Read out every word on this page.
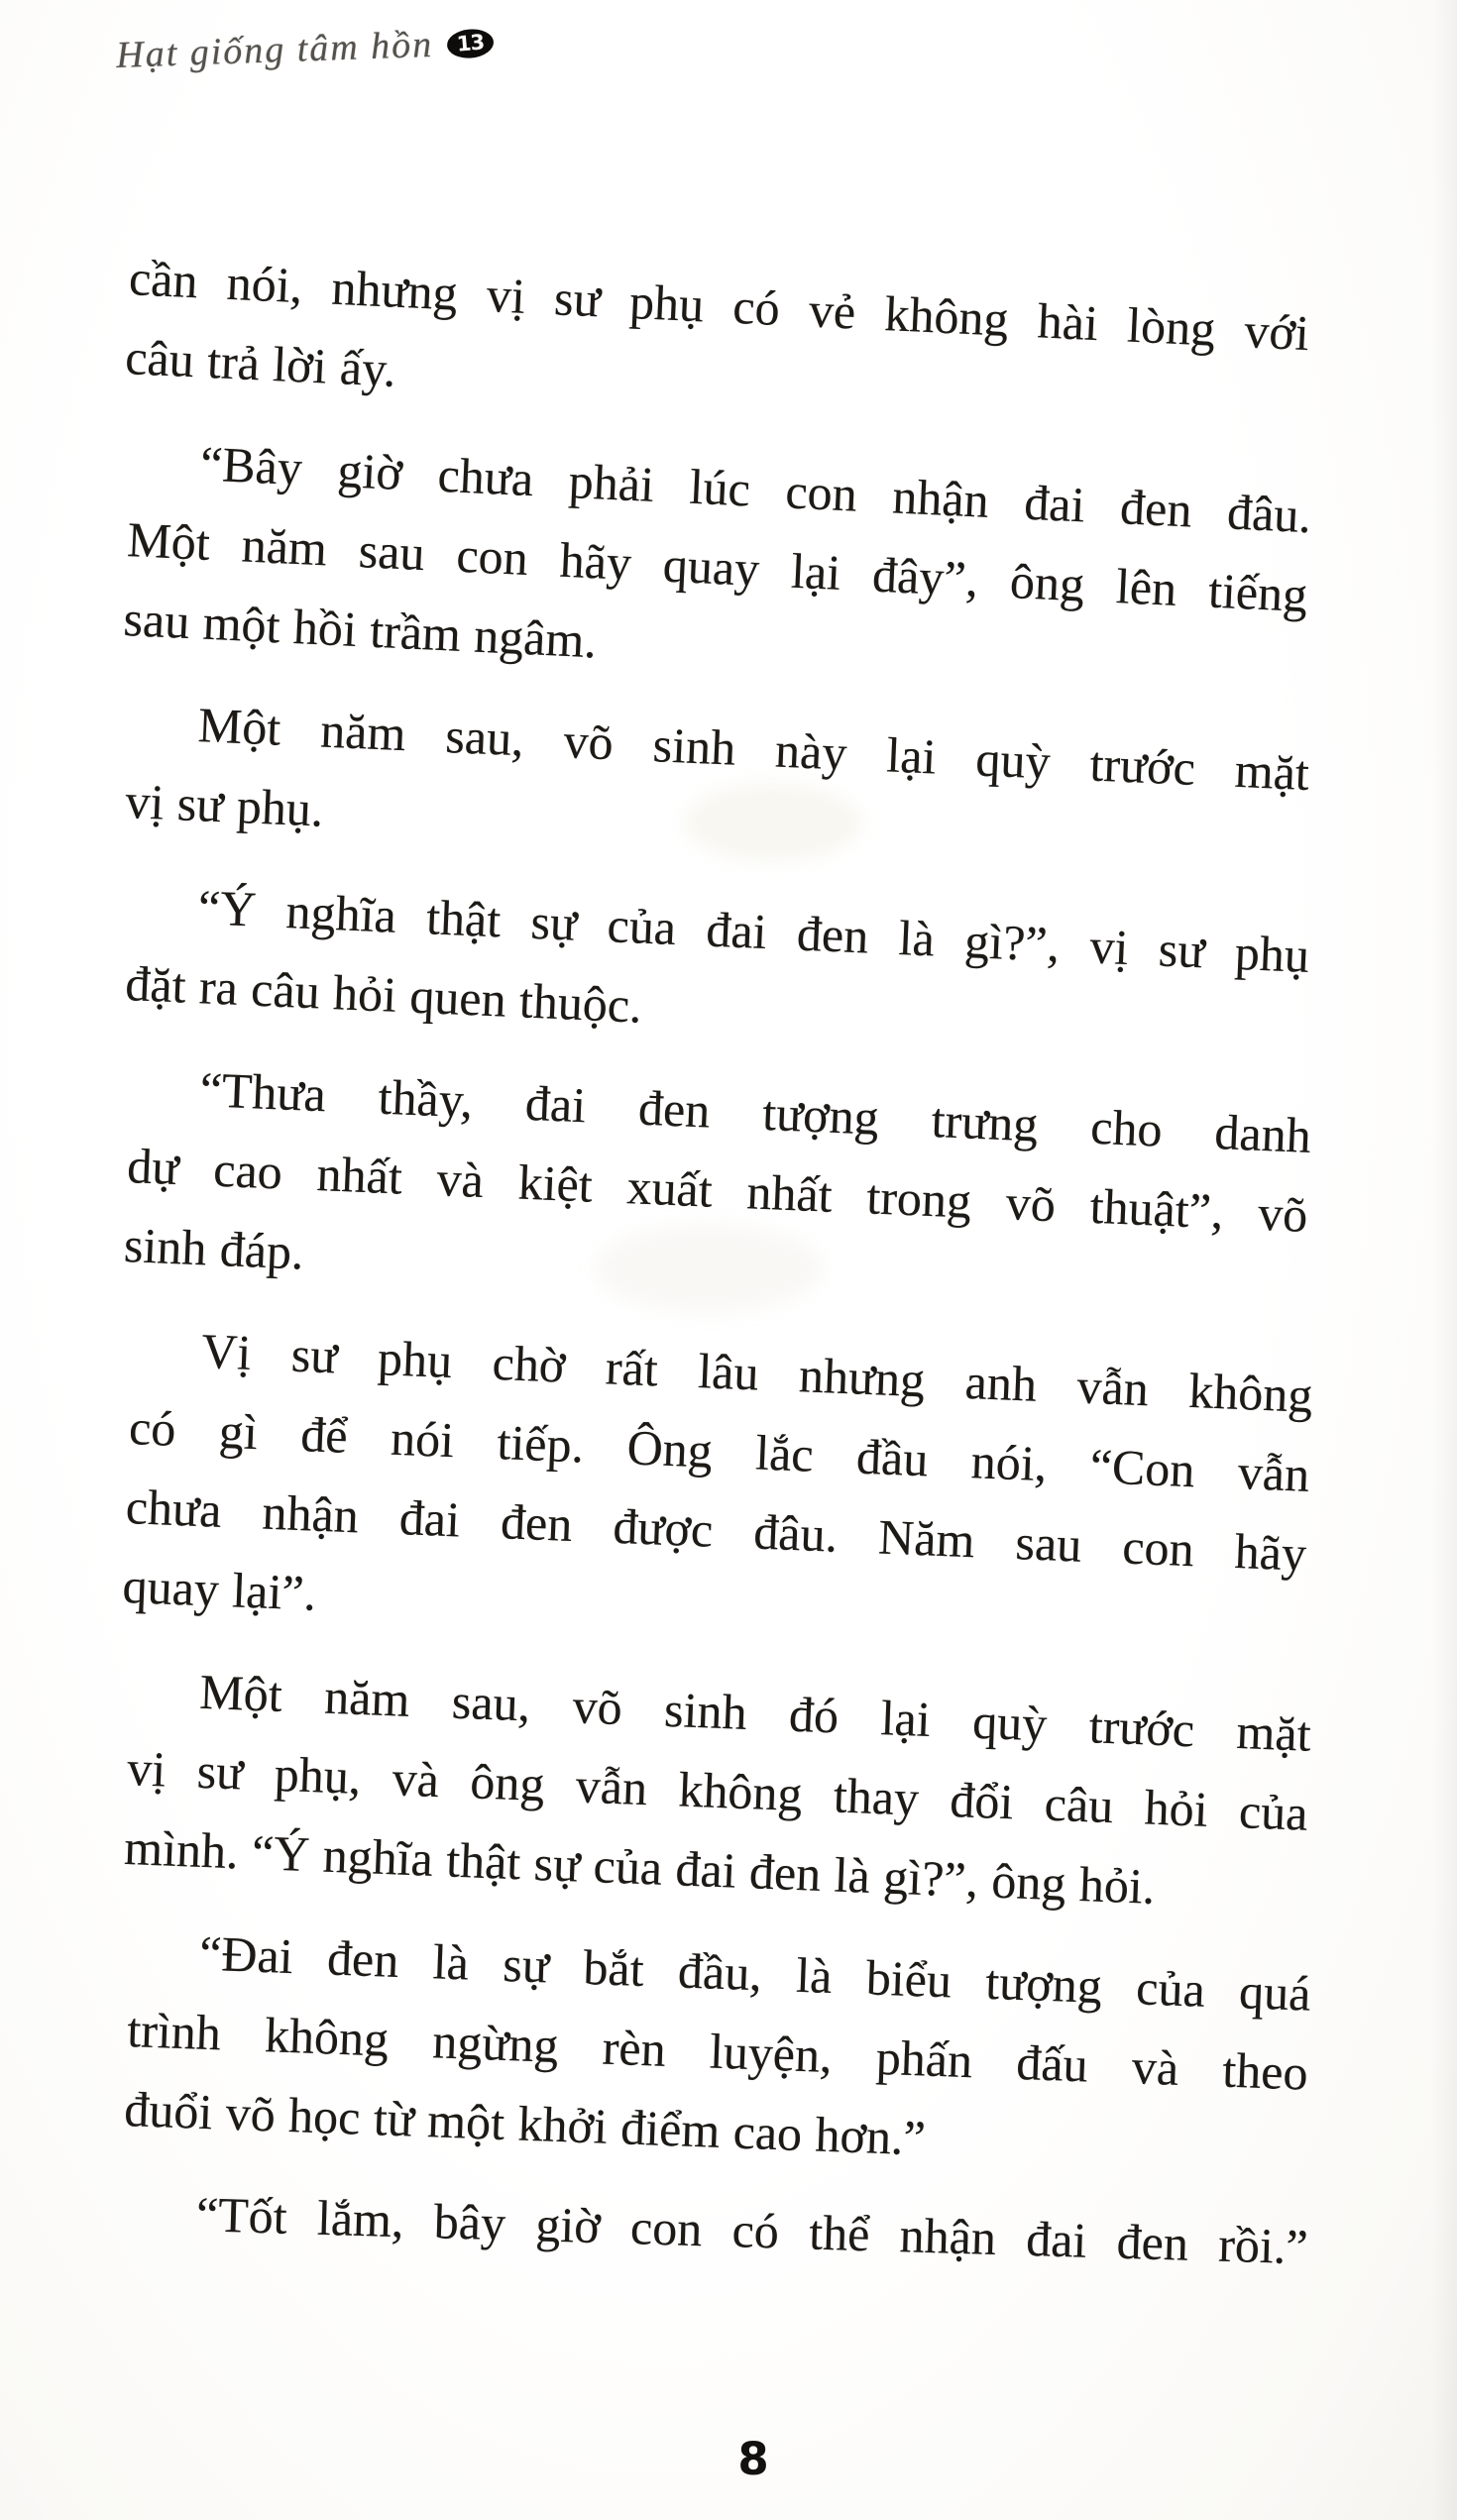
Hạt giống tâm hồn 13
cần nói, nhưng vị sư phụ có vẻ không hài lòng với
câu trả lời ấy.
“Bây giờ chưa phải lúc con nhận đai đen đâu.
Một năm sau con hãy quay lại đây”, ông lên tiếng
sau một hồi trầm ngâm.
Một năm sau, võ sinh này lại quỳ trước mặt
vị sư phụ.
“Ý nghĩa thật sự của đai đen là gì?”, vị sư phụ
đặt ra câu hỏi quen thuộc.
“Thưa thầy, đai đen tượng trưng cho danh
dự cao nhất và kiệt xuất nhất trong võ thuật”, võ
sinh đáp.
Vị sư phụ chờ rất lâu nhưng anh vẫn không
có gì để nói tiếp. Ông lắc đầu nói, “Con vẫn
chưa nhận đai đen được đâu. Năm sau con hãy
quay lại”.
Một năm sau, võ sinh đó lại quỳ trước mặt
vị sư phụ, và ông vẫn không thay đổi câu hỏi của
mình. “Ý nghĩa thật sự của đai đen là gì?”, ông hỏi.
“Đai đen là sự bắt đầu, là biểu tượng của quá
trình không ngừng rèn luyện, phấn đấu và theo
đuổi võ học từ một khởi điểm cao hơn.”
“Tốt lắm, bây giờ con có thể nhận đai đen rồi.”
8
